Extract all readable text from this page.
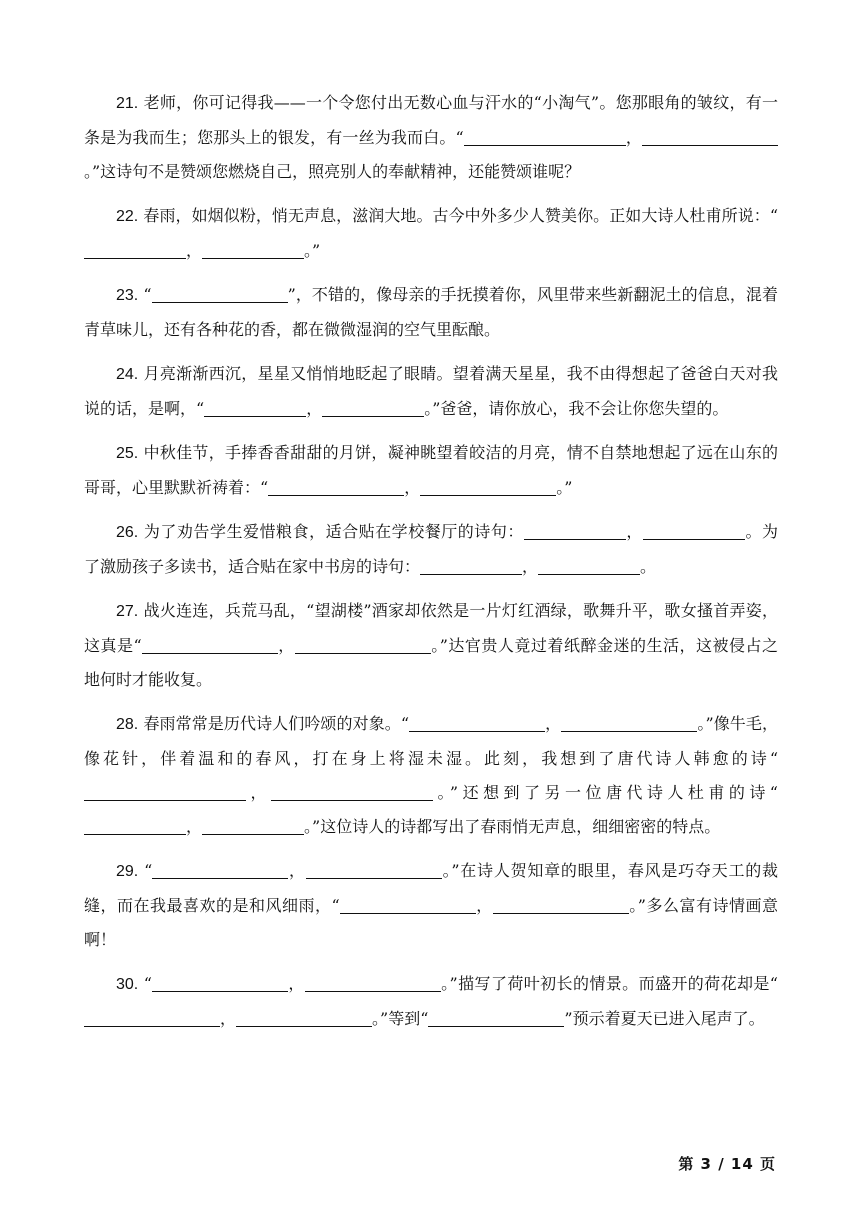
21. 老师，你可记得我——一个令您付出无数心血与汗水的“小淘气”。您那眼角的皱纹，有一条是为我而生；您那头上的银发，有一丝为我而白。“	，。”这诗句不是赞颂您燃烧自己，照亮别人的奉献精神，还能赞颂谁呢？

22. 春雨，如烟似粉，悄无声息，滋润大地。古今中外多少人赞美你。正如大诗人杜甫所说：“，	。”

23. “	”，不错的，像母亲的手抚摸着你，风里带来些新翻泥土的信息，混着青草味儿，还有各种花的香，都在微微湿润的空气里酝酿。

24. 月亮渐渐西沉，星星又悄悄地眨起了眼睛。望着满天星星，我不由得想起了爸爸白天对我说的话，是啊，“	，	。”爸爸，请你放心，我不会让你您失望的。

25. 中秋佳节，手捧香香甜甜的月饼，凝神眺望着皎洁的月亮，情不自禁地想起了远在山东的哥哥，心里默默祈祷着：“	，	。”

26. 为了劝告学生爱惜粮食，适合贴在学校餐厅的诗句：	，	。为了激励孩子多读书，适合贴在家中书房的诗句：	，	。

27. 战火连连，兵荒马乱，“望湖楼”酒家却依然是一片灯红酒绿，歌舞升平，歌女搔首弄姿，这真是“	，	。”达官贵人竟过着纸醉金迷的生活，这被侵占之地何时才能收复。

28. 春雨常常是历代诗人们吟颂的对象。“	，	。”像牛毛，像花针，伴着温和的春风，打在身上将湿未湿。此刻，我想到了唐代诗人韩愈的诗“，	。”还想到了另一位唐代诗人杜甫的诗“，	。”这位诗人的诗都写出了春雨悄无声息，细细密密的特点。

29. “	，	。”在诗人贺知章的眼里，春风是巧夺天工的裁缝，而在我最喜欢的是和风细雨，“	，	。”多么富有诗情画意啊！

30. “	，	。”描写了荷叶初长的情景。而盛开的荷花却是“，	。”等到“	”预示着夏天已进入尾声了。

第 3 / 14 页
